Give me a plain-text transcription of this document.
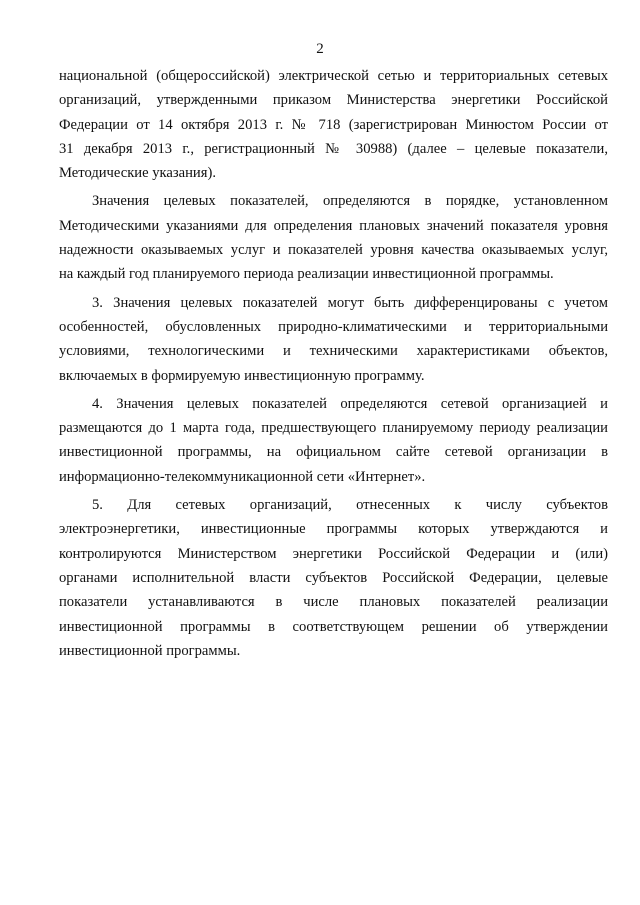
2
национальной (общероссийской) электрической сетью и территориальных сетевых
организаций, утвержденными приказом Министерства энергетики Российской
Федерации от 14 октября 2013 г. № 718 (зарегистрирован Минюстом России от
31 декабря 2013 г., регистрационный № 30988) (далее – целевые показатели,
Методические указания).
Значения целевых показателей, определяются в порядке, установленном
Методическими указаниями для определения плановых значений показателя уровня
надежности оказываемых услуг и показателей уровня качества оказываемых услуг,
на каждый год планируемого периода реализации инвестиционной программы.
3. Значения целевых показателей могут быть дифференцированы с учетом
особенностей, обусловленных природно-климатическими и территориальными
условиями, технологическими и техническими характеристиками объектов,
включаемых в формируемую инвестиционную программу.
4. Значения целевых показателей определяются сетевой организацией и
размещаются до 1 марта года, предшествующего планируемому периоду реализации
инвестиционной программы, на официальном сайте сетевой организации в
информационно-телекоммуникационной сети «Интернет».
5. Для сетевых организаций, отнесенных к числу субъектов
электроэнергетики, инвестиционные программы которых утверждаются и
контролируются Министерством энергетики Российской Федерации и (или)
органами исполнительной власти субъектов Российской Федерации, целевые
показатели устанавливаются в числе плановых показателей реализации
инвестиционной программы в соответствующем решении об утверждении
инвестиционной программы.
